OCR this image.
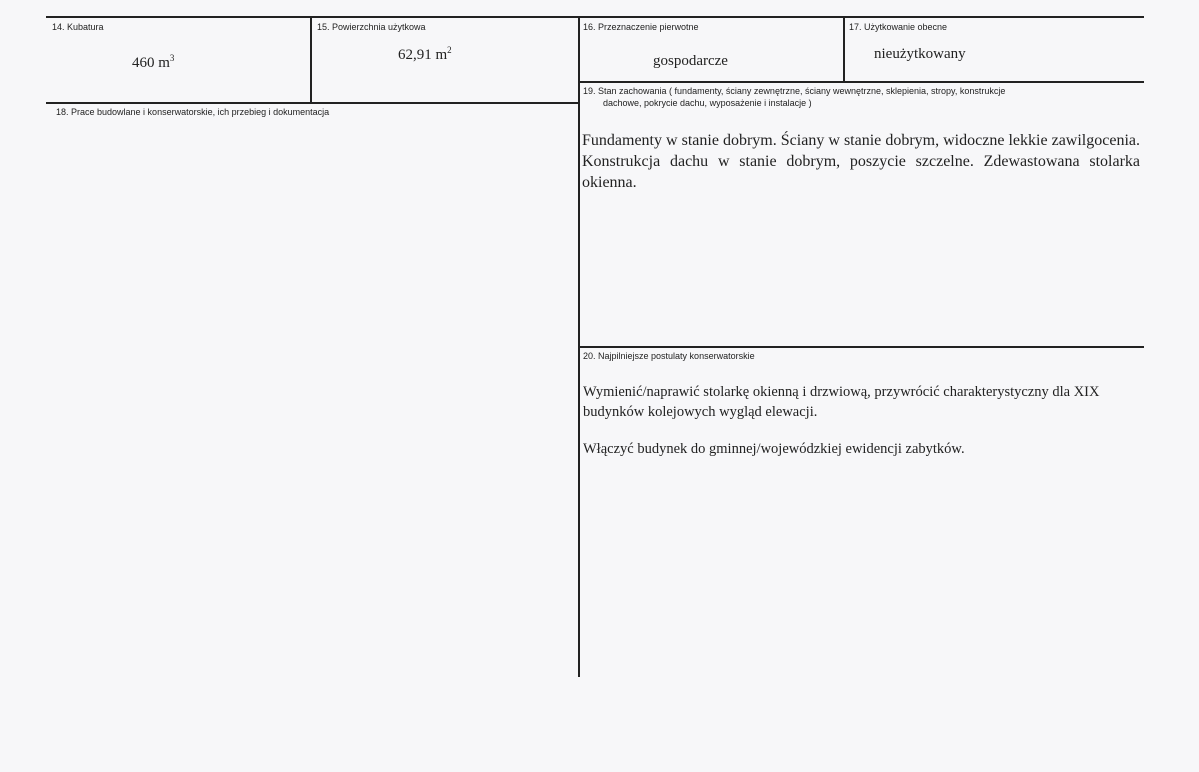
14. Kubatura
460 $m^3$
15. Powierzchnia użytkowa
62,91 $m^2$
16. Przeznaczenie pierwotne
gospodarcze
17. Użytkowanie obecne
nieużytkowany
18. Prace budowlane i konserwatorskie, ich przebieg i dokumentacja
19. Stan zachowania ( fundamenty, ściany zewnętrzne, ściany wewnętrzne, sklepienia, stropy, konstrukcje
dachowe, pokrycie dachu, wyposażenie i instalacje )
Fundamenty w stanie dobrym. Ściany w stanie dobrym, widoczne lekkie zawilgocenia. Konstrukcja dachu w stanie dobrym, poszycie szczelne. Zdewastowana stolarka okienna.
20. Najpilniejsze postulaty konserwatorskie
Wymienić/naprawić stolarkę okienną i drzwiową, przywrócić charakterystyczny dla XIX budynków kolejowych wygląd elewacji.
Włączyć budynek do gminnej/wojewódzkiej ewidencji zabytków.
